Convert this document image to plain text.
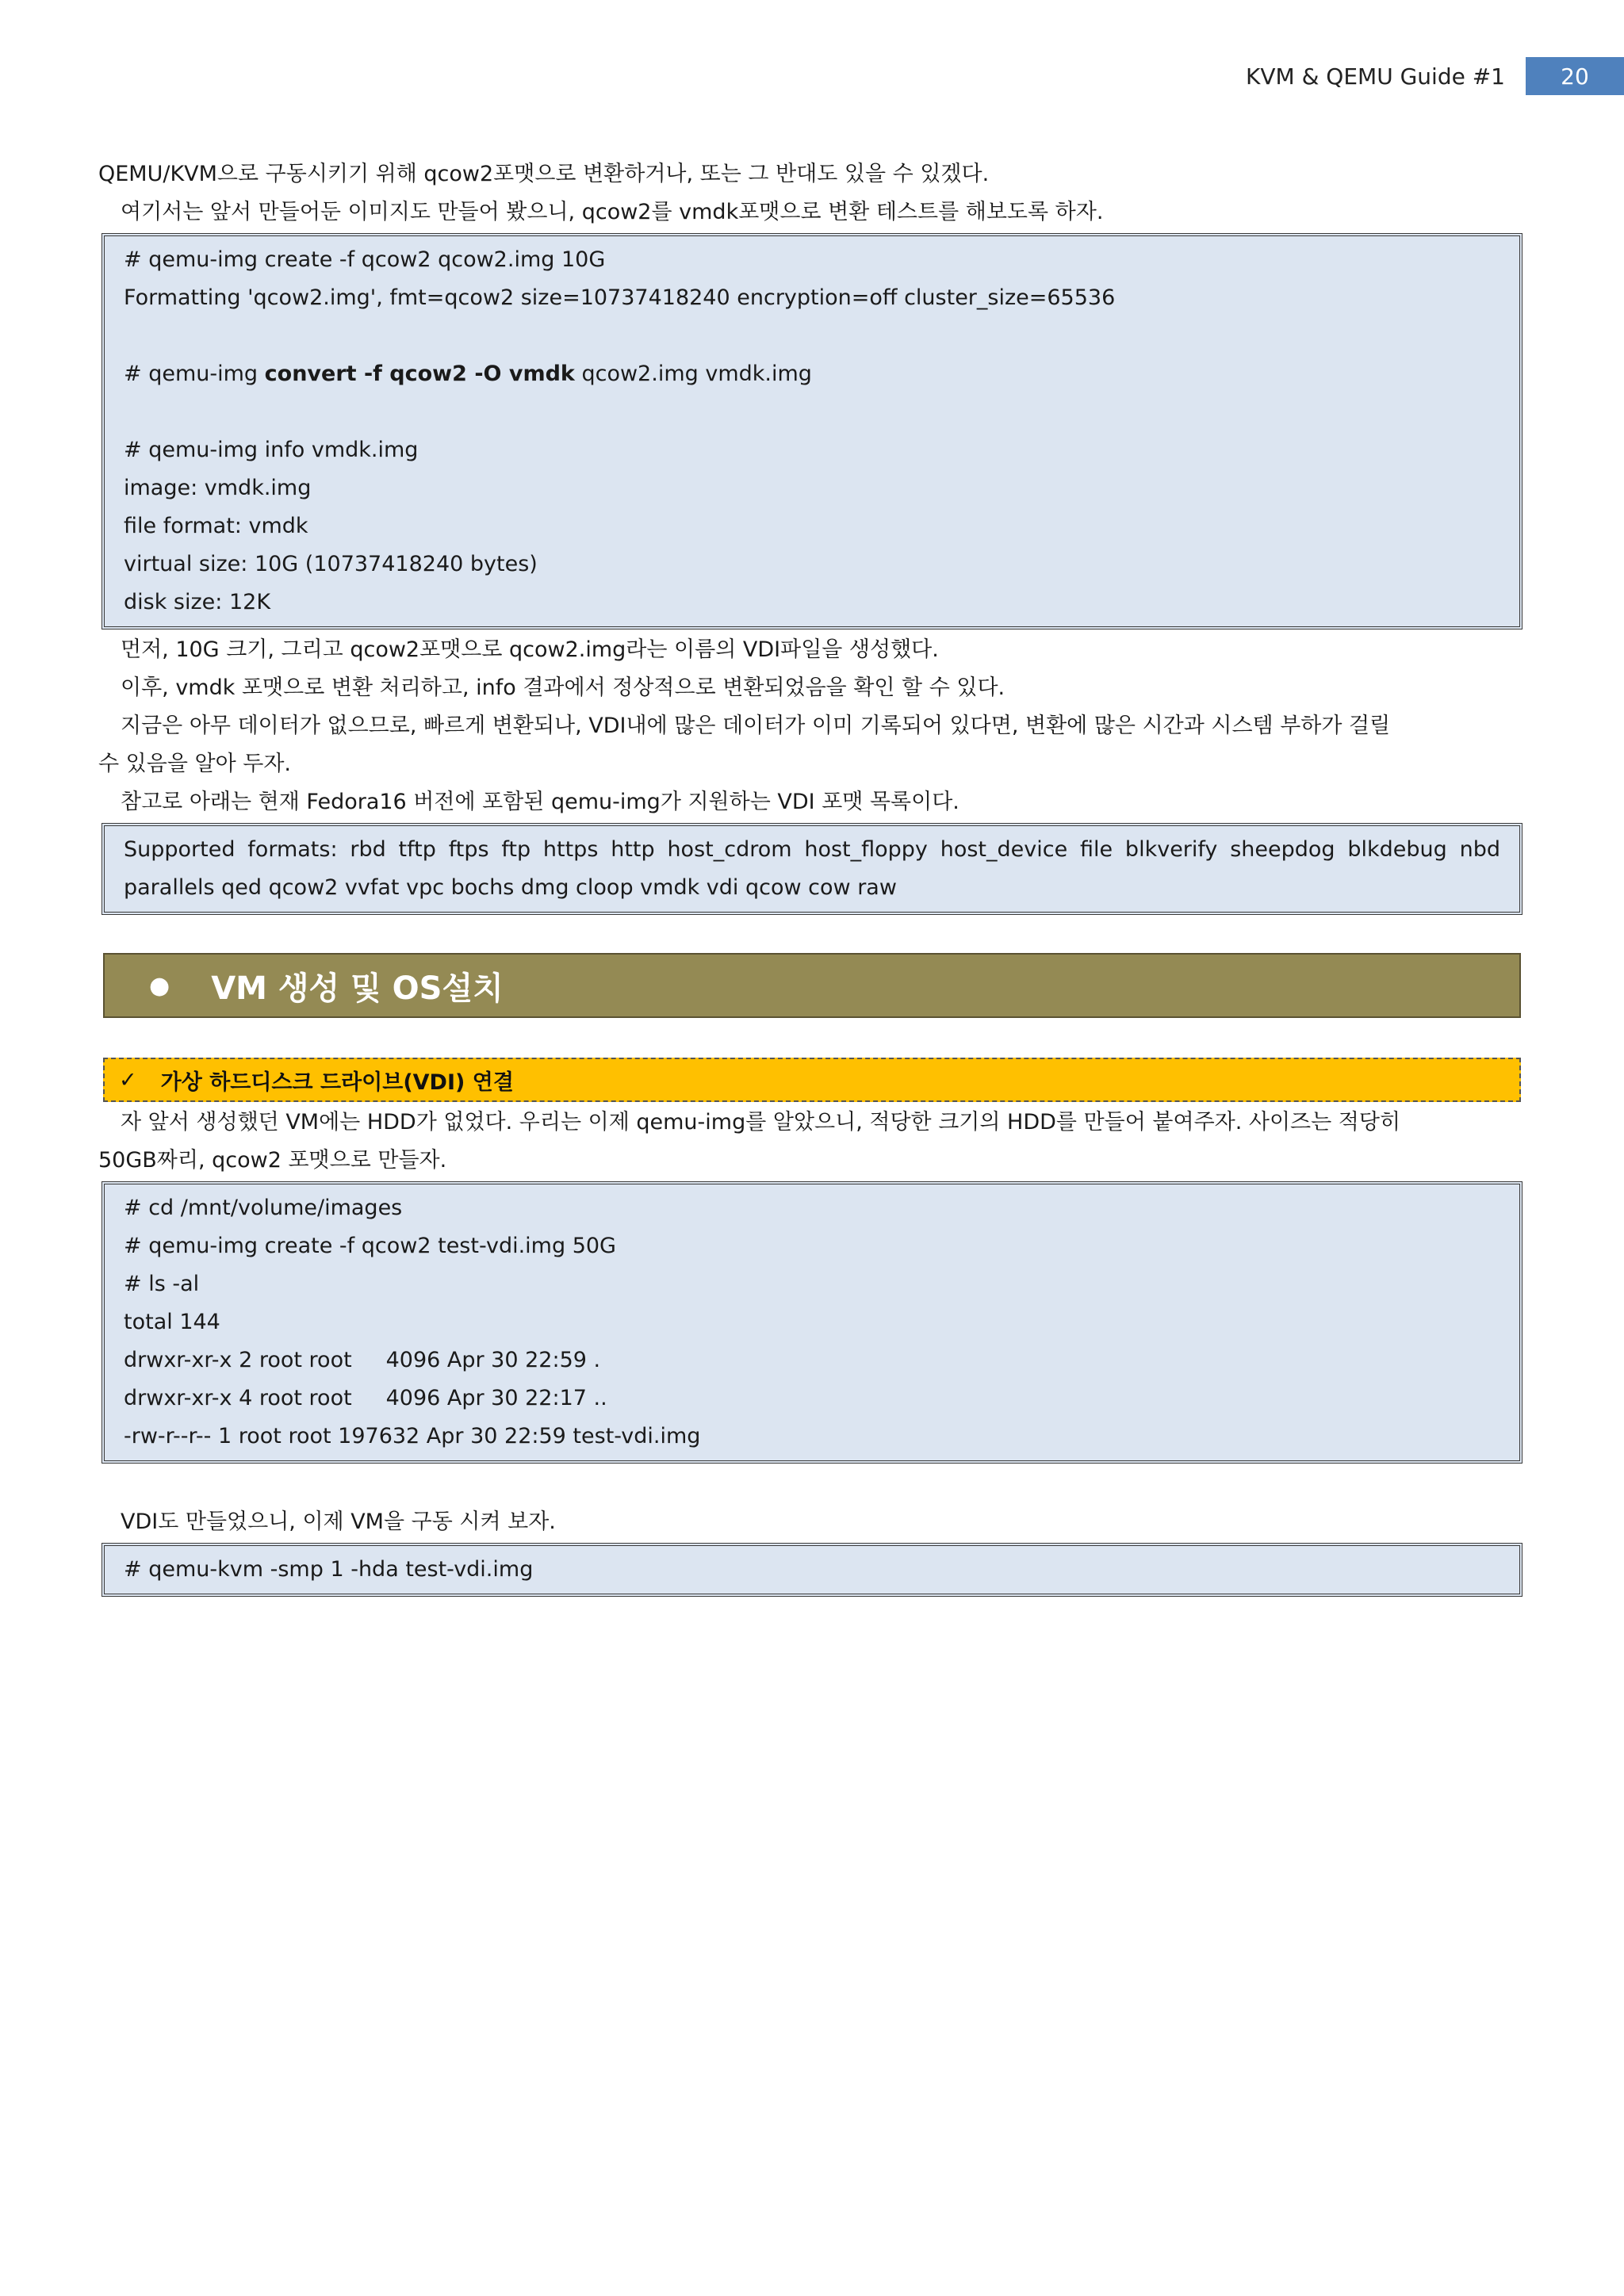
KVM & QEMU Guide #1	20

QEMU/KVM으로 구동시키기 위해 qcow2포맷으로 변환하거나, 또는 그 반대도 있을 수 있겠다.

여기서는 앞서 만들어둔 이미지도 만들어 봤으니, qcow2를 vmdk포맷으로 변환 테스트를 해보도록 하자.

# qemu-img create -f qcow2 qcow2.img 10G
Formatting 'qcow2.img', fmt=qcow2 size=10737418240 encryption=off cluster_size=65536
# qemu-img convert -f qcow2 -O vmdk qcow2.img vmdk.img
# qemu-img info vmdk.img
image: vmdk.img
file format: vmdk
virtual size: 10G (10737418240 bytes)
disk size: 12K

먼저, 10G 크기, 그리고 qcow2포맷으로 qcow2.img라는 이름의 VDI파일을 생성했다.

이후, vmdk 포맷으로 변환 처리하고, info 결과에서 정상적으로 변환되었음을 확인 할 수 있다.

지금은 아무 데이터가 없으므로, 빠르게 변환되나, VDI내에 많은 데이터가 이미 기록되어 있다면, 변환에 많은 시간과 시스템 부하가 걸릴

수 있음을 알아 두자.

참고로 아래는 현재 Fedora16 버전에 포함된 qemu-img가 지원하는 VDI 포맷 목록이다.

Supported formats: rbd tftp ftps ftp https http host_cdrom host_floppy host_device file blkverify sheepdog blkdebug nbd parallels qed qcow2 vvfat vpc bochs dmg cloop vmdk vdi qcow cow raw
● VM 생성 및 OS설치
✓ 가상 하드디스크 드라이브(VDI) 연결

자 앞서 생성했던 VM에는 HDD가 없었다. 우리는 이제 qemu-img를 알았으니, 적당한 크기의 HDD를 만들어 붙여주자. 사이즈는 적당히

50GB짜리, qcow2 포맷으로 만들자.

# cd /mnt/volume/images
# qemu-img create -f qcow2 test-vdi.img 50G
# ls -al
total 144
drwxr-xr-x 2 root root     4096 Apr 30 22:59 .
drwxr-xr-x 4 root root     4096 Apr 30 22:17 ..
-rw-r--r-- 1 root root 197632 Apr 30 22:59 test-vdi.img

VDI도 만들었으니, 이제 VM을 구동 시켜 보자.

# qemu-kvm -smp 1 -hda test-vdi.img
